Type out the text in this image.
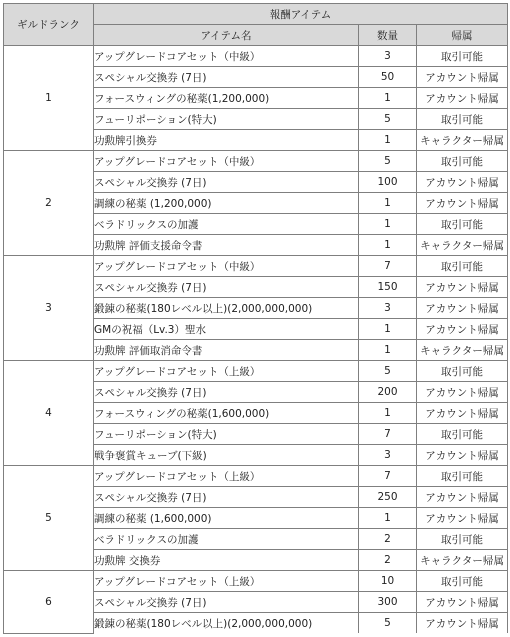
ギルドランク	報酬アイテム		
	アイテム名	数量	帰属
1	アップグレードコアセット（中級）	3	取引可能
	スペシャル交換券 (7日)	50	アカウント帰属
	フォースウィングの秘薬(1,200,000)	1	アカウント帰属
	フューリポーション(特大)	5	取引可能
	功勲牌引換券	1	キャラクター帰属
2	アップグレードコアセット（中級）	5	取引可能
	スペシャル交換券 (7日)	100	アカウント帰属
	調練の秘薬 (1,200,000)	1	アカウント帰属
	ベラドリックスの加護	1	取引可能
	功勲牌 評価支援命令書	1	キャラクター帰属
3	アップグレードコアセット（中級）	7	取引可能
	スペシャル交換券 (7日)	150	アカウント帰属
	鍛錬の秘薬(180レベル以上)(2,000,000,000)	3	アカウント帰属
	GMの祝福（Lv.3）聖水	1	アカウント帰属
	功勲牌 評価取消命令書	1	キャラクター帰属
4	アップグレードコアセット（上級）	5	取引可能
	スペシャル交換券 (7日)	200	アカウント帰属
	フォースウィングの秘薬(1,600,000)	1	アカウント帰属
	フューリポーション(特大)	7	取引可能
	戦争褒賞キューブ(下級)	3	アカウント帰属
5	アップグレードコアセット（上級）	7	取引可能
	スペシャル交換券 (7日)	250	アカウント帰属
	調練の秘薬 (1,600,000)	1	アカウント帰属
	ベラドリックスの加護	2	取引可能
	功勲牌 交換券	2	キャラクター帰属
6	アップグレードコアセット（上級）	10	取引可能
	スペシャル交換券 (7日)	300	アカウント帰属
	鍛錬の秘薬(180レベル以上)(2,000,000,000)	5	アカウント帰属
